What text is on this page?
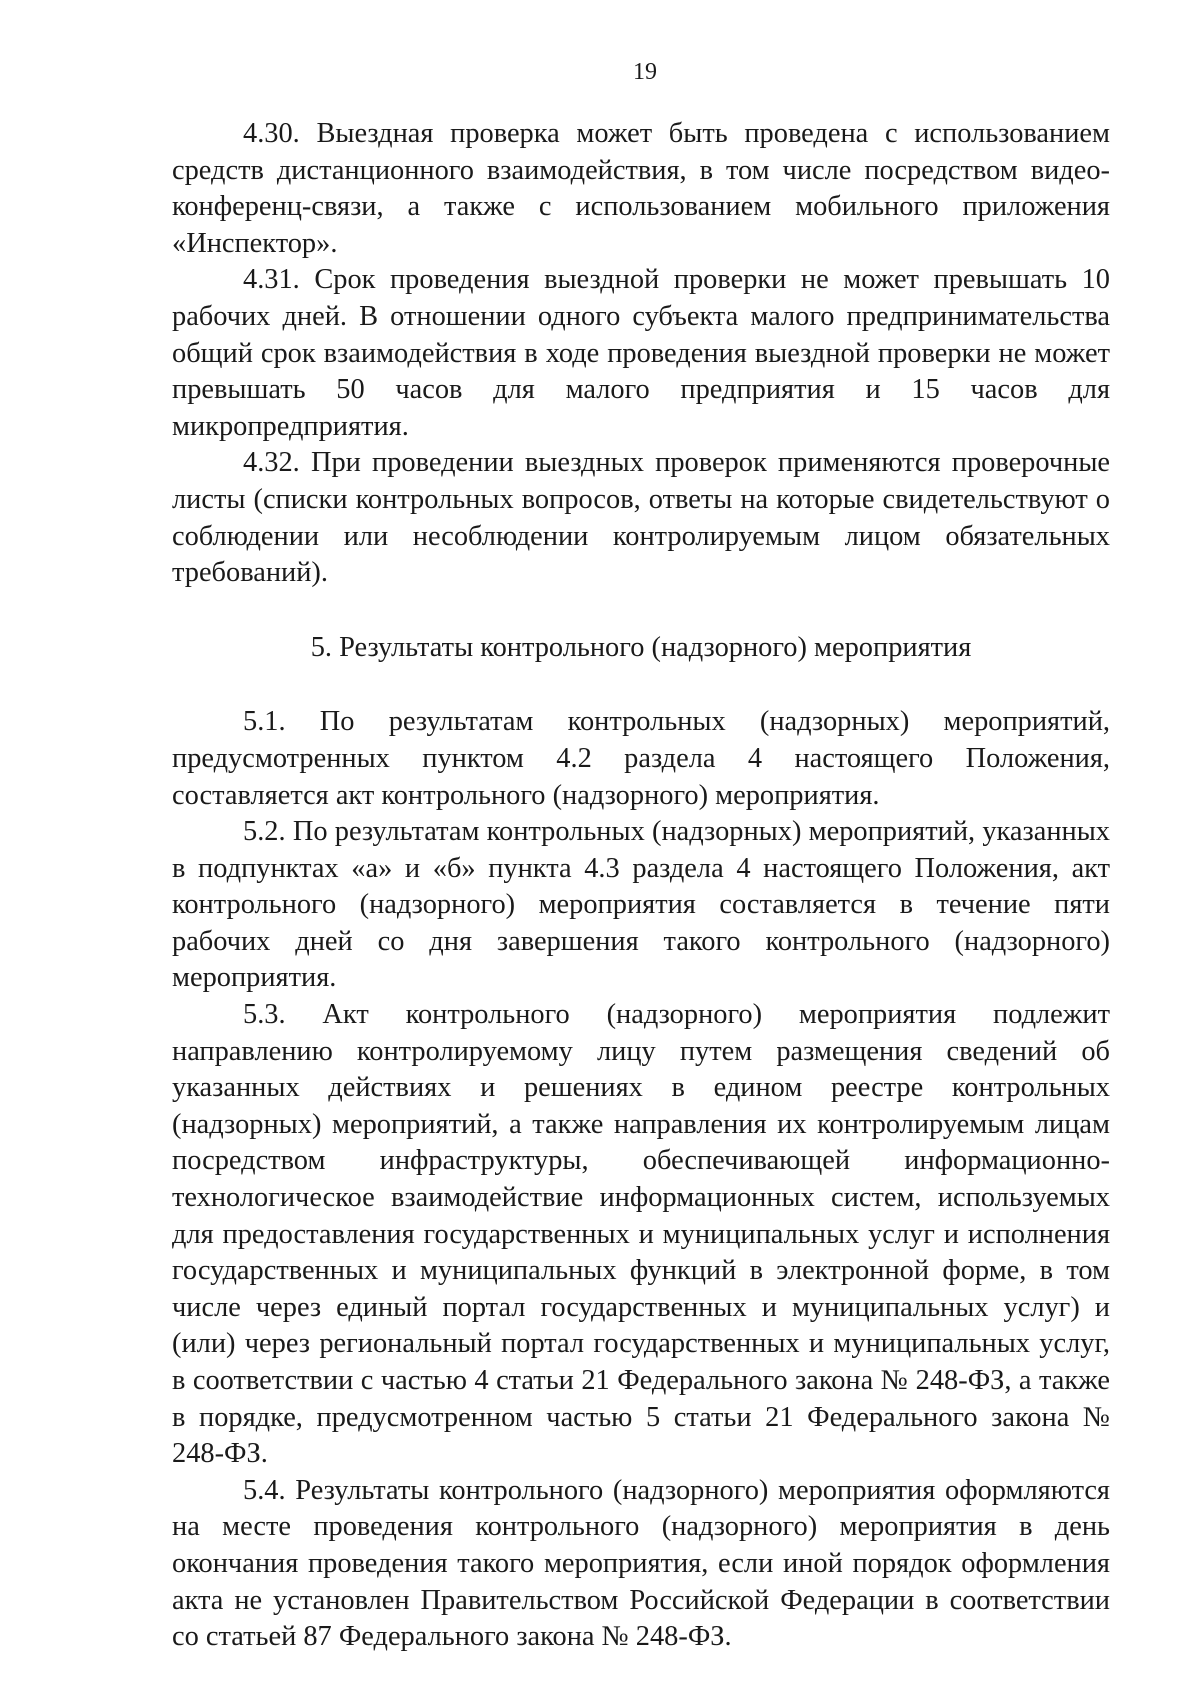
19

4.30. Выездная проверка может быть проведена с использованием средств дистанционного взаимодействия, в том числе посредством видео-конференц-связи, а также с использованием мобильного приложения «Инспектор».

4.31. Срок проведения выездной проверки не может превышать 10 рабочих дней. В отношении одного субъекта малого предпринимательства общий срок взаимодействия в ходе проведения выездной проверки не может превышать 50 часов для малого предприятия и 15 часов для микропредприятия.

4.32. При проведении выездных проверок применяются проверочные листы (списки контрольных вопросов, ответы на которые свидетельствуют о соблюдении или несоблюдении контролируемым лицом обязательных требований).

5. Результаты контрольного (надзорного) мероприятия

5.1. По результатам контрольных (надзорных) мероприятий, предусмотренных пунктом 4.2 раздела 4 настоящего Положения, составляется акт контрольного (надзорного) мероприятия.

5.2. По результатам контрольных (надзорных) мероприятий, указанных в подпунктах «а» и «б» пункта 4.3 раздела 4 настоящего Положения, акт контрольного (надзорного) мероприятия составляется в течение пяти рабочих дней со дня завершения такого контрольного (надзорного) мероприятия.

5.3. Акт контрольного (надзорного) мероприятия подлежит направлению контролируемому лицу путем размещения сведений об указанных действиях и решениях в едином реестре контрольных (надзорных) мероприятий, а также направления их контролируемым лицам посредством инфраструктуры, обеспечивающей информационно-технологическое взаимодействие информационных систем, используемых для предоставления государственных и муниципальных услуг и исполнения государственных и муниципальных функций в электронной форме, в том числе через единый портал государственных и муниципальных услуг) и (или) через региональный портал государственных и муниципальных услуг, в соответствии с частью 4 статьи 21 Федерального закона № 248-ФЗ, а также в порядке, предусмотренном частью 5 статьи 21 Федерального закона № 248-ФЗ.

5.4. Результаты контрольного (надзорного) мероприятия оформляются на месте проведения контрольного (надзорного) мероприятия в день окончания проведения такого мероприятия, если иной порядок оформления акта не установлен Правительством Российской Федерации в соответствии со статьей 87 Федерального закона № 248-ФЗ.
